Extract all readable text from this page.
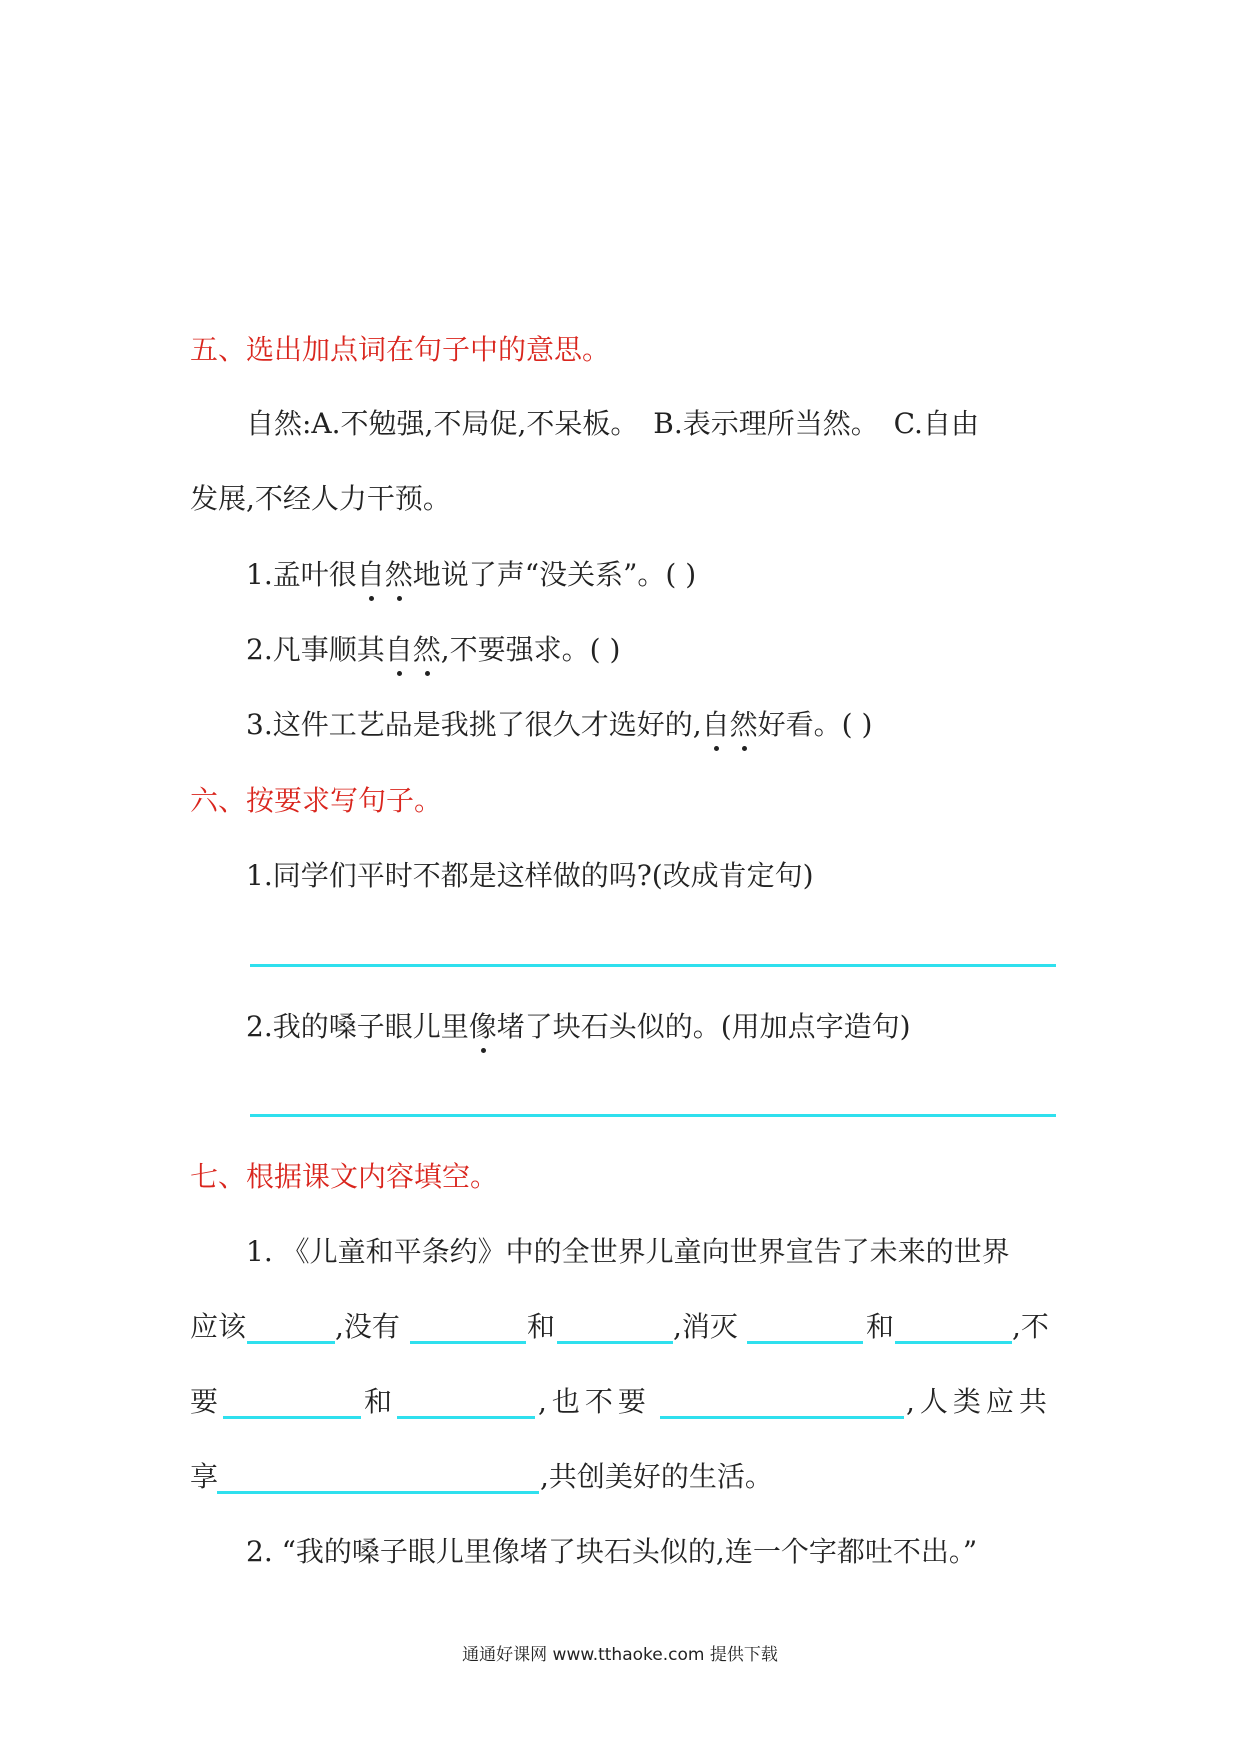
五、选出加点词在句子中的意思。
自然:A.不勉强,不局促,不呆板。 B.表示理所当然。 C.自由
发展,不经人力干预。
1.孟叶很自然地说了声“没关系”。( )
2.凡事顺其自然,不要强求。( )
3.这件工艺品是我挑了很久才选好的,自然好看。( )
六、按要求写句子。
1.同学们平时不都是这样做的吗?(改成肯定句)
2.我的嗓子眼儿里像堵了块石头似的。(用加点字造句)
七、根据课文内容填空。
1. 《儿童和平条约》中的全世界儿童向世界宣告了未来的世界
应该	,没有	和	,消灭	和	,不
要	和	,也不要	,人类应共
享	,共创美好的生活。
2. “我的嗓子眼儿里像堵了块石头似的,连一个字都吐不出。”
通通好课网 www.tthaoke.com 提供下载
